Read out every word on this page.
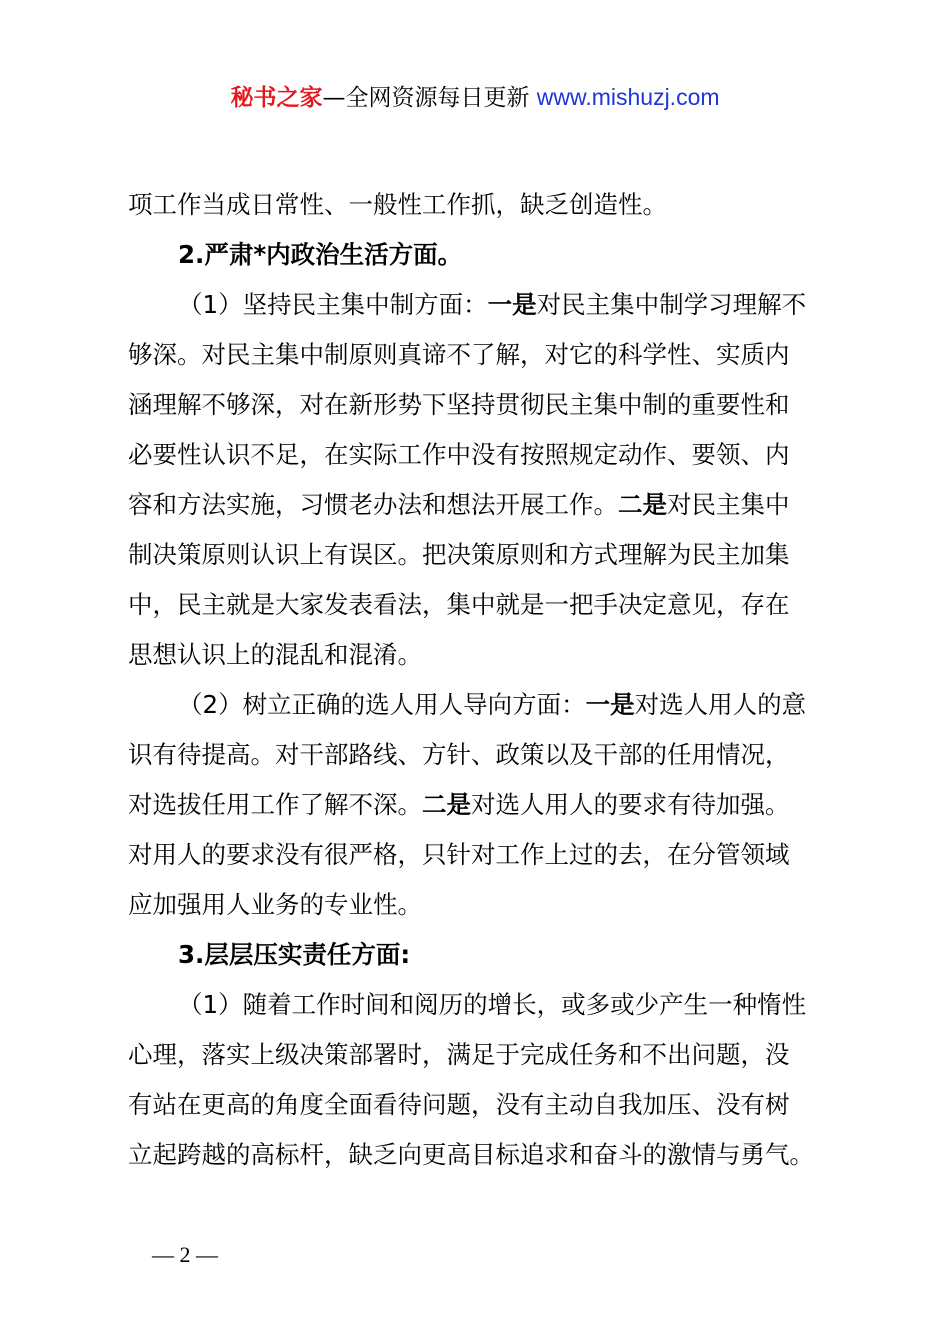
秘书之家—全网资源每日更新 www.mishuzj.com

项工作当成日常性、一般性工作抓，缺乏创造性。

2.严肃*内政治生活方面。

（1）坚持民主集中制方面：一是对民主集中制学习理解不

够深。对民主集中制原则真谛不了解，对它的科学性、实质内

涵理解不够深，对在新形势下坚持贯彻民主集中制的重要性和

必要性认识不足，在实际工作中没有按照规定动作、要领、内

容和方法实施，习惯老办法和想法开展工作。二是对民主集中

制决策原则认识上有误区。把决策原则和方式理解为民主加集

中，民主就是大家发表看法，集中就是一把手决定意见，存在

思想认识上的混乱和混淆。

（2）树立正确的选人用人导向方面：一是对选人用人的意

识有待提高。对干部路线、方针、政策以及干部的任用情况，

对选拔任用工作了解不深。二是对选人用人的要求有待加强。

对用人的要求没有很严格，只针对工作上过的去，在分管领域

应加强用人业务的专业性。

3.层层压实责任方面:

（1）随着工作时间和阅历的增长，或多或少产生一种惰性

心理，落实上级决策部署时，满足于完成任务和不出问题，没

有站在更高的角度全面看待问题，没有主动自我加压、没有树

立起跨越的高标杆，缺乏向更高目标追求和奋斗的激情与勇气。

— 2 —
